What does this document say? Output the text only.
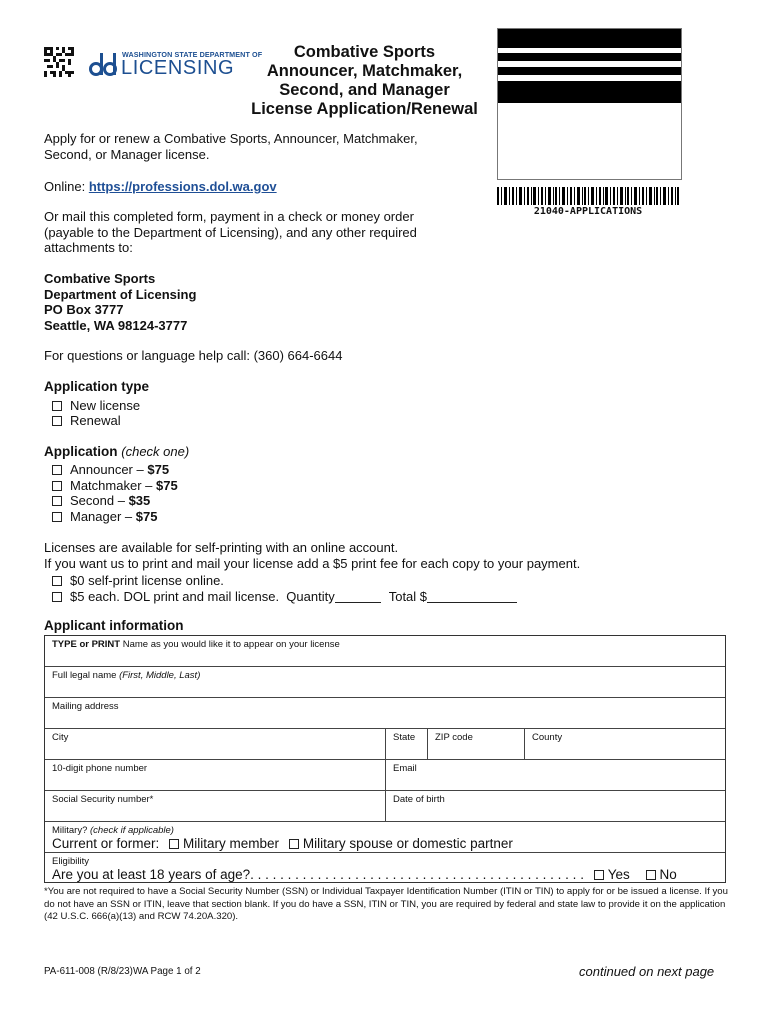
WASHINGTON STATE DEPARTMENT OF
LICENSING
Combative Sports
Announcer, Matchmaker,
Second, and Manager
License Application/Renewal
21040-APPLICATIONS
Apply for or renew a Combative Sports, Announcer, Matchmaker,
Second, or Manager license.
Online: https://professions.dol.wa.gov
Or mail this completed form, payment in a check or money order
(payable to the Department of Licensing), and any other required
attachments to:
Combative Sports
Department of Licensing
PO Box 3777
Seattle, WA 98124-3777
For questions or language help call: (360) 664-6644
Application type
New license
Renewal
Application (check one)
Announcer – $75
Matchmaker – $75
Second – $35
Manager – $75
Licenses are available for self-printing with an online account.
If you want us to print and mail your license add a $5 print fee for each copy to your payment.
$0 self-print license online.
$5 each. DOL print and mail license.  Quantity	Total $
Applicant information
TYPE or PRINT Name as you would like it to appear on your license
Full legal name (First, Middle, Last)
Mailing address
City	State	ZIP code	County
10-digit phone number	Email
Social Security number*	Date of birth
Military? (check if applicable)
Current or former: Military member Military spouse or domestic partner
Eligibility
Are you at least 18 years of age?. . . . . . . . . . . . . . . . . . . . . . . . . . . . . . . . . . . . . . . . . . . . . Yes No
*You are not required to have a Social Security Number (SSN) or Individual Taxpayer Identification Number (ITIN or TIN) to apply for or be issued a license. If you do not have an SSN or ITIN, leave that section blank. If you do have a SSN, ITIN or TIN, you are required by federal and state law to provide it on the application (42 U.S.C. 666(a)(13) and RCW 74.20A.320).
PA-611-008 (R/8/23)WA Page 1 of 2	continued on next page
